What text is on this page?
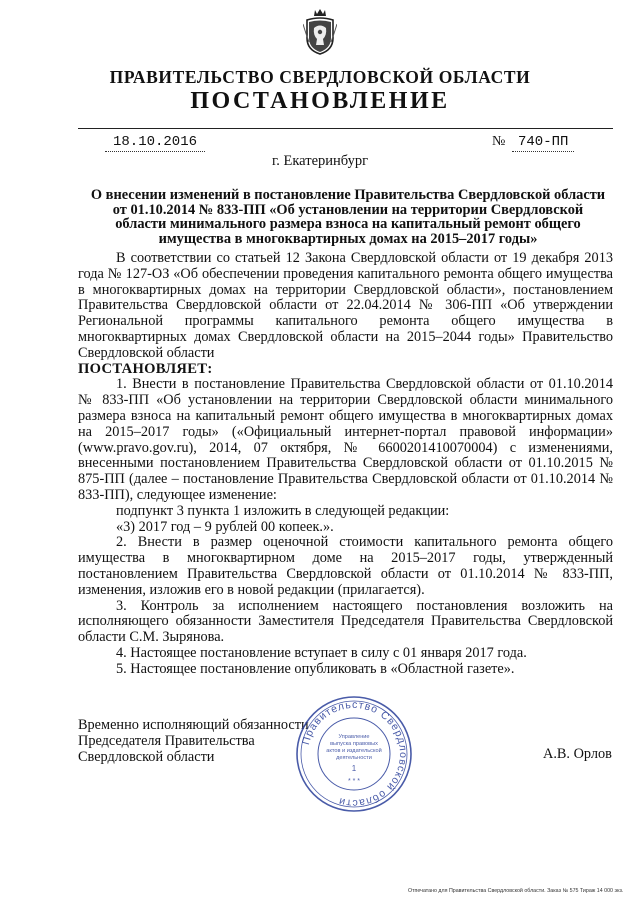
ПРАВИТЕЛЬСТВО СВЕРДЛОВСКОЙ ОБЛАСТИ
ПОСТАНОВЛЕНИЕ
18.10.2016	№ 740-ПП
г. Екатеринбург
О внесении изменений в постановление Правительства Свердловской области
от 01.10.2014 № 833-ПП «Об установлении на территории Свердловской
области минимального размера взноса на капитальный ремонт общего
имущества в многоквартирных домах на 2015–2017 годы»

В соответствии со статьей 12 Закона Свердловской области от 19 декабря 2013 года № 127-ОЗ «Об обеспечении проведения капитального ремонта общего имущества в многоквартирных домах на территории Свердловской области», постановлением Правительства Свердловской области от 22.04.2014 № 306-ПП «Об утверждении Региональной программы капитального ремонта общего имущества в многоквартирных домах Свердловской области на 2015–2044 годы» Правительство Свердловской области

ПОСТАНОВЛЯЕТ:

1. Внести в постановление Правительства Свердловской области от 01.10.2014 № 833-ПП «Об установлении на территории Свердловской области минимального размера взноса на капитальный ремонт общего имущества в многоквартирных домах на 2015–2017 годы» («Официальный интернет-портал правовой информации» (www.pravo.gov.ru), 2014, 07 октября, № 6600201410070004) с изменениями, внесенными постановлением Правительства Свердловской области от 01.10.2015 № 875-ПП (далее – постановление Правительства Свердловской области от 01.10.2014 № 833-ПП), следующее изменение:

подпункт 3 пункта 1 изложить в следующей редакции:

«3) 2017 год – 9 рублей 00 копеек.».

2. Внести в размер оценочной стоимости капитального ремонта общего имущества в многоквартирном доме на 2015–2017 годы, утвержденный постановлением Правительства Свердловской области от 01.10.2014 № 833-ПП, изменения, изложив его в новой редакции (прилагается).

3. Контроль за исполнением настоящего постановления возложить на исполняющего обязанности Заместителя Председателя Правительства Свердловской области С.М. Зырянова.

4. Настоящее постановление вступает в силу с 01 января 2017 года.

5. Настоящее постановление опубликовать в «Областной газете».

Временно исполняющий обязанности
Председателя Правительства
Свердловской области	А.В. Орлов
Правительство Свердловской области
Управление
выпуска правовых
актов и издательской
деятельности
1
* * *
Отпечатано для Правительства Свердловской области. Заказ № 575 Тираж 14 000 экз.
